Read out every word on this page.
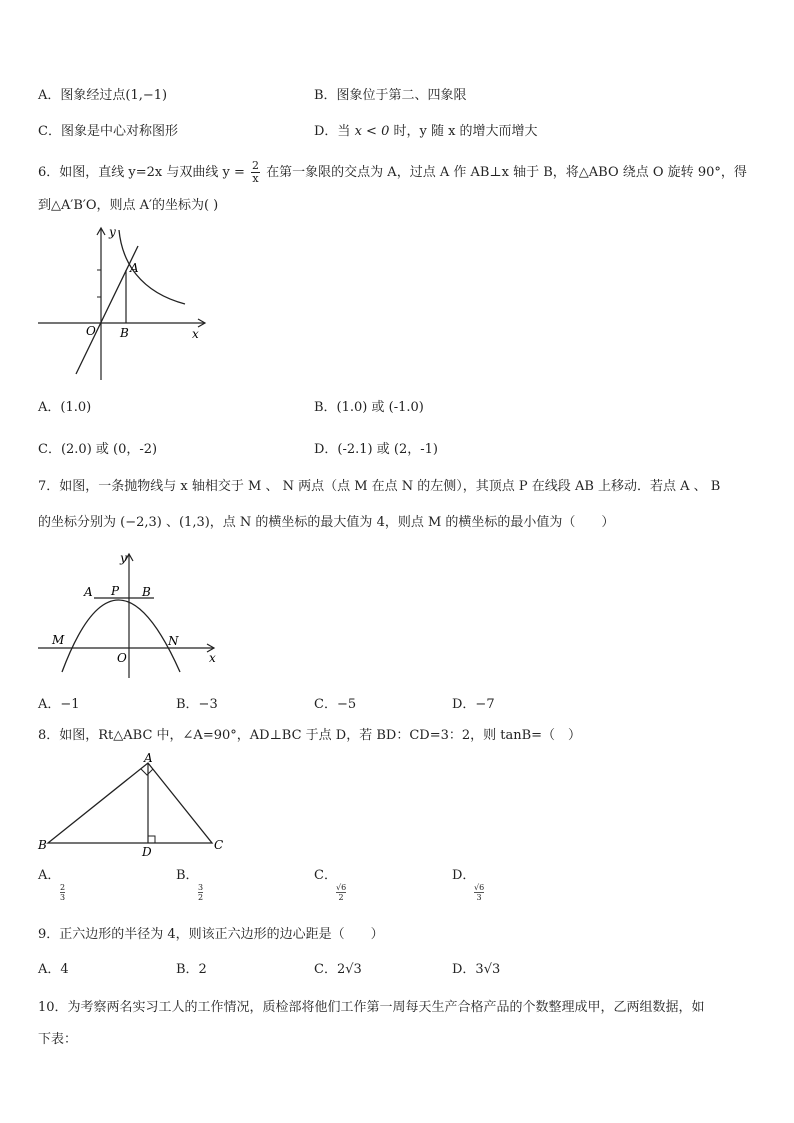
A．图象经过点(1,−1)	B．图象位于第二、四象限
C．图象是中心对称图形	D．当 x < 0 时，y 随 x 的增大而增大
6．如图，直线 y=2x 与双曲线 $y = \frac{2}{x}$ 在第一象限的交点为 A，过点 A 作 AB⊥x 轴于 B，将△ABO 绕点 O 旋转 90°，得
到△A′B′O，则点 A′的坐标为( )
y
A
O B	x
A．(1.0)	B．(1.0) 或 (-1.0)
C．(2.0) 或 (0，-2)	D．(-2.1) 或 (2，-1)
7．如图，一条抛物线与 x 轴相交于 M 、 N 两点（点 M 在点 N 的左侧），其顶点 P 在线段 AB 上移动．若点 A 、 B
的坐标分别为 (−2,3) 、(1,3)，点 N 的横坐标的最大值为 4，则点 M 的横坐标的最小值为（　　）
y
A P B
M	N
O	x
A．−1	B．−3	C．−5	D．−7
8．如图，Rt△ABC 中，∠A=90°，AD⊥BC 于点 D，若 BD：CD=3：2，则 tanB=（　）
A
B	C
D
A．

$\frac{2}{3}$
B．

$\frac{3}{2}$
C．

$\frac{√6}{2}$
D．

$\frac{√6}{3}$
9．正六边形的半径为 4，则该正六边形的边心距是（　　）
A．4	B．2	C．2√3	D．3√3
10．为考察两名实习工人的工作情况，质检部将他们工作第一周每天生产合格产品的个数整理成甲，乙两组数据，如
下表：
